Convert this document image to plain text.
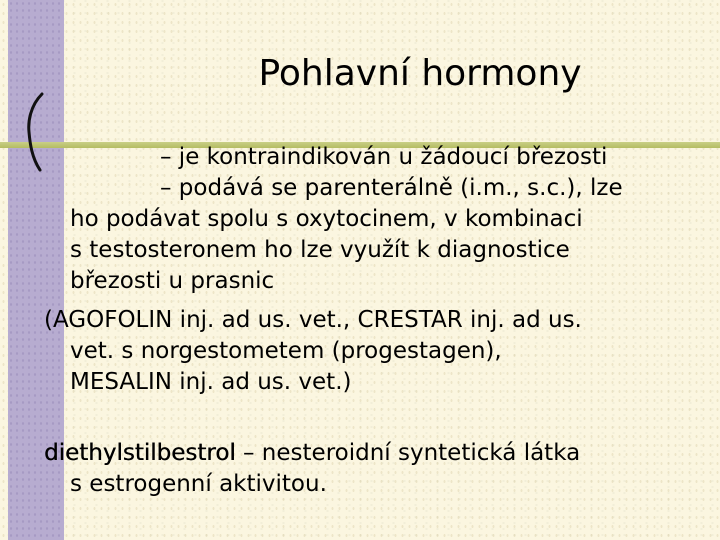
Pohlavní hormony
– je kontraindikován u žádoucí březosti
– podává se parenterálně (i.m., s.c.), lze
ho podávat spolu s oxytocinem, v kombinaci
s testosteronem ho lze využít k diagnostice
březosti u prasnic
(AGOFOLIN inj. ad us. vet., CRESTAR inj. ad us.
vet. s norgestometem (progestagen),
MESALIN inj. ad us. vet.)
diethylstilbestrol – nesteroidní syntetická látka
s estrogenní aktivitou.
